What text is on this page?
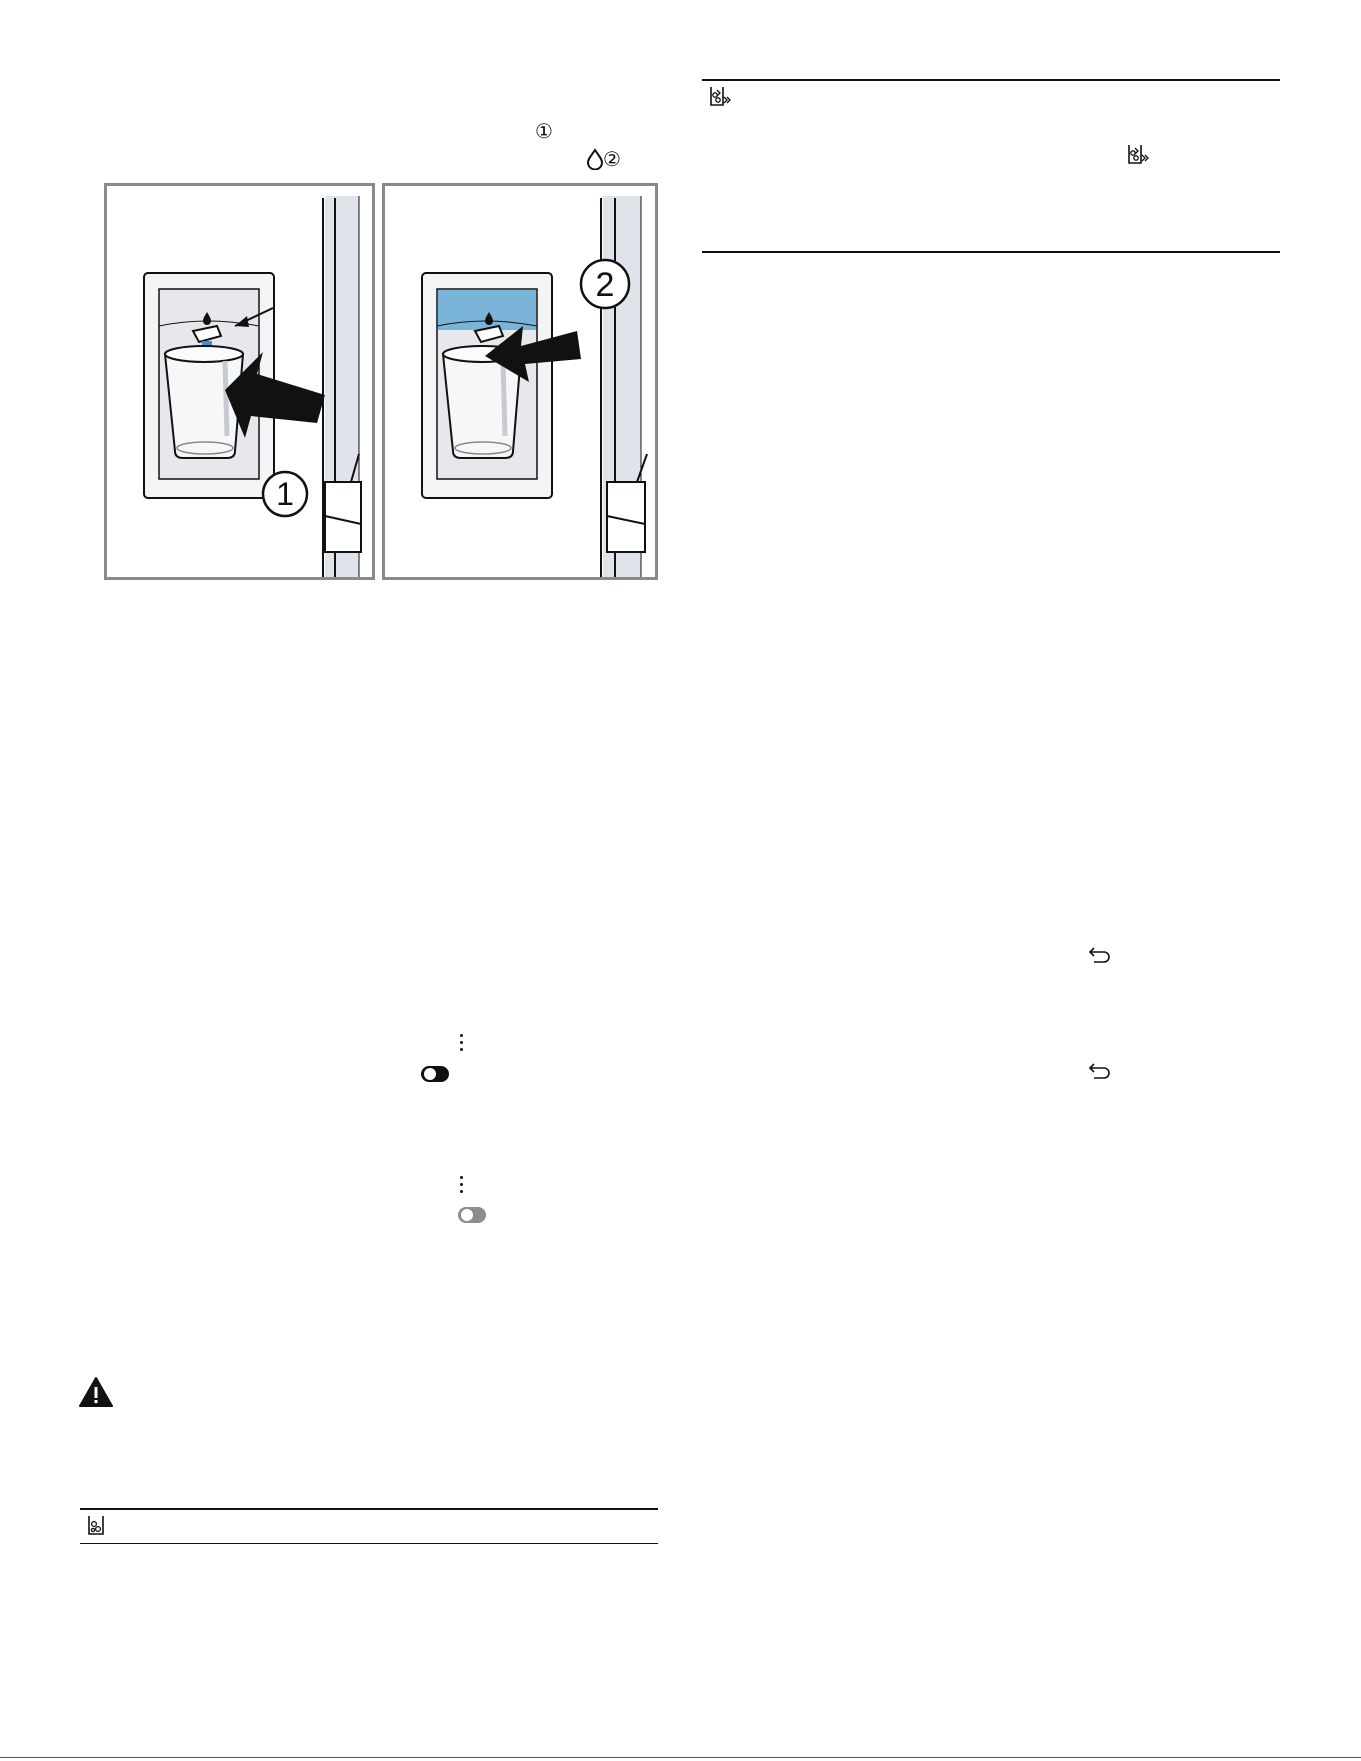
①
②
1
2
